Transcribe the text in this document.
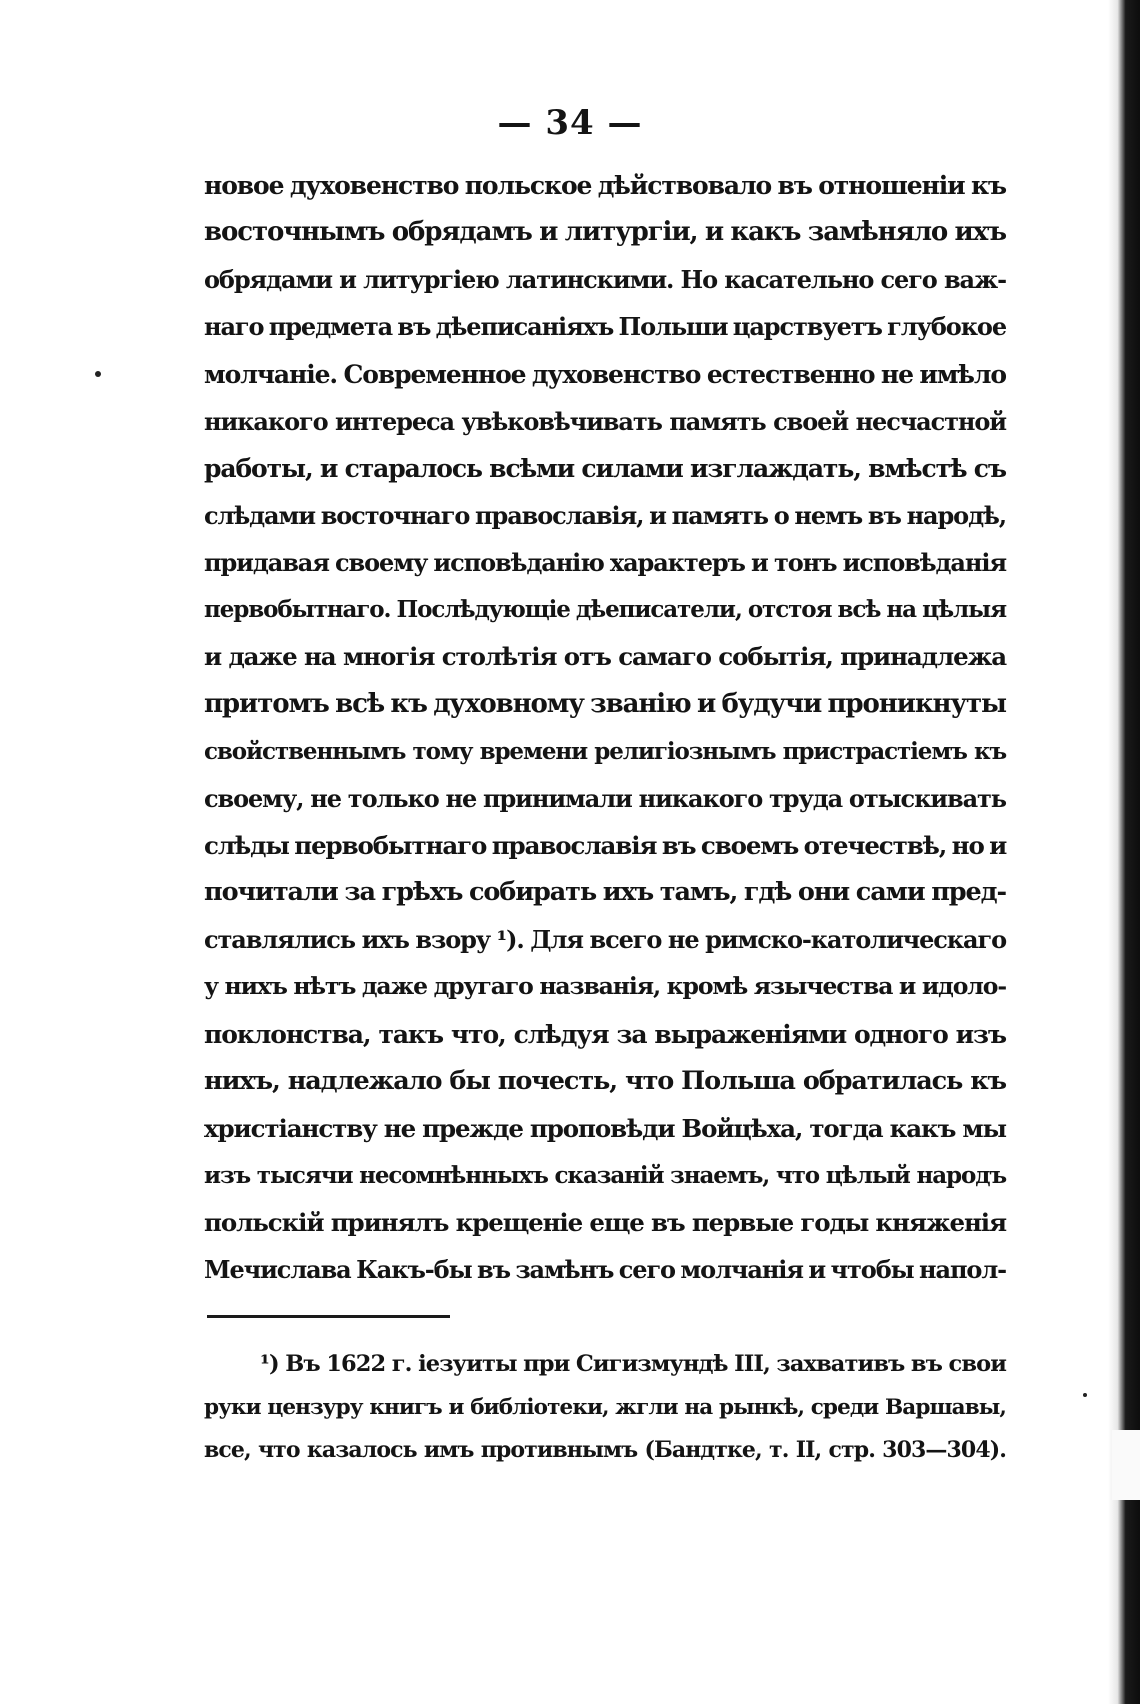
— 34 —
новое духовенство польское дѣйствовало въ отношеніи къ
восточнымъ обрядамъ и литургіи, и какъ замѣняло ихъ
обрядами и литургіею латинскими. Но касательно сего важ-
наго предмета въ дѣеписаніяхъ Польши царствуетъ глубокое
молчаніе. Современное духовенство естественно не имѣло
никакого интереса увѣковѣчивать память своей несчастной
работы, и старалось всѣми силами изглаждать, вмѣстѣ съ
слѣдами восточнаго православія, и память о немъ въ народѣ,
придавая своему исповѣданію характеръ и тонъ исповѣданія
первобытнаго. Послѣдующіе дѣеписатели, отстоя всѣ на цѣлыя
и даже на многія столѣтія отъ самаго событія, принадлежа
притомъ всѣ къ духовному званію и будучи проникнуты
свойственнымъ тому времени религіознымъ пристрастіемъ къ
своему, не только не принимали никакого труда отыскивать
слѣды первобытнаго православія въ своемъ отечествѣ, но и
почитали за грѣхъ собирать ихъ тамъ, гдѣ они сами пред-
ставлялись ихъ взору ¹). Для всего не римско-католическаго
у нихъ нѣтъ даже другаго названія, кромѣ язычества и идоло-
поклонства, такъ что, слѣдуя за выраженіями одного изъ
нихъ, надлежало бы почесть, что Польша обратилась къ
христіанству не прежде проповѣди Войцѣха, тогда какъ мы
изъ тысячи несомнѣнныхъ сказаній знаемъ, что цѣлый народъ
польскій принялъ крещеніе еще въ первые годы княженія
Мечислава Какъ-бы въ замѣнъ сего молчанія и чтобы напол-
¹) Въ 1622 г. іезуиты при Сигизмундѣ III, захвативъ въ свои
руки цензуру книгъ и библіотеки, жгли на рынкѣ, среди Варшавы,
все, что казалось имъ противнымъ (Бандтке, т. II, стр. 303—304).
